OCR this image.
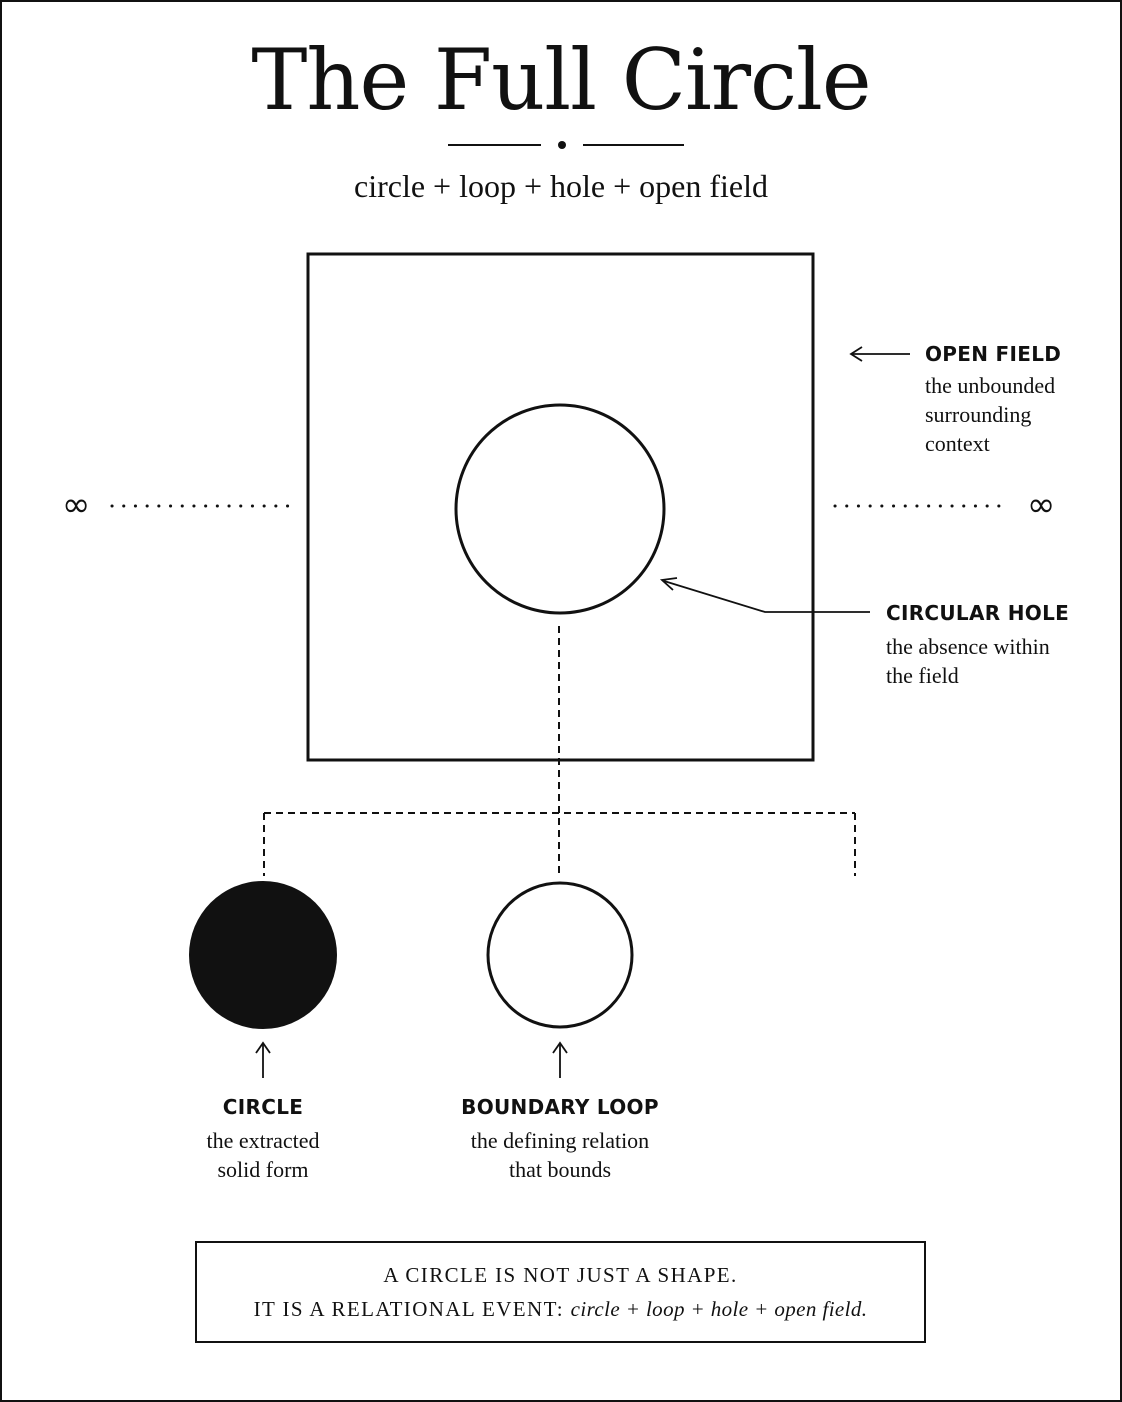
The Full Circle
circle + loop + hole + open field
∞	∞
OPEN FIELD
the unbounded
surrounding
context
CIRCULAR HOLE
the absence within
the field
CIRCLE
the extracted
solid form
BOUNDARY LOOP
the defining relation
that bounds
A CIRCLE IS NOT JUST A SHAPE.
IT IS A RELATIONAL EVENT: circle + loop + hole + open field.
